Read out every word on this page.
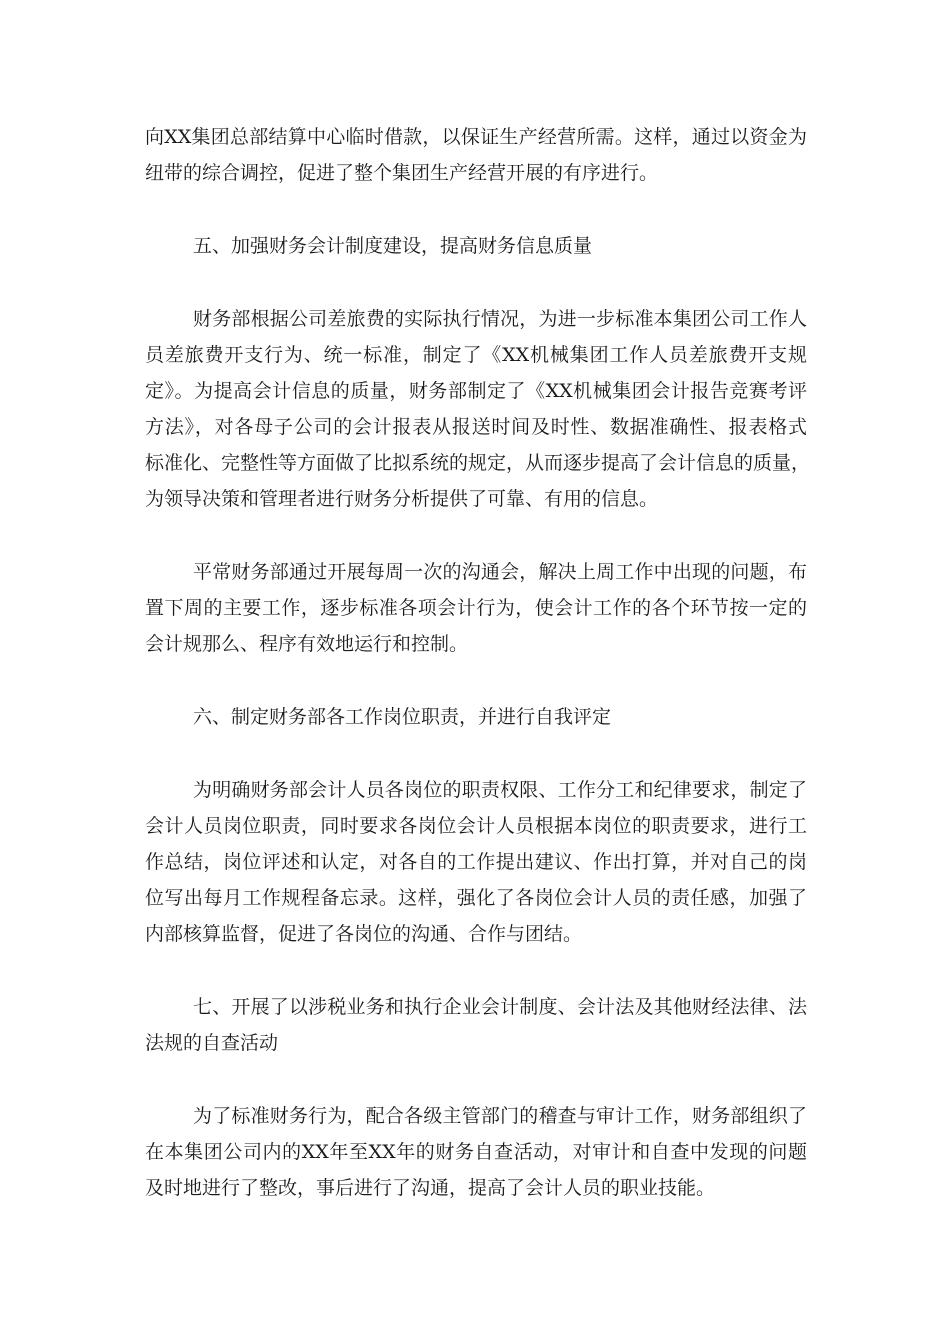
向XX集团总部结算中心临时借款，以保证生产经营所需。这样，通过以资金为
纽带的综合调控，促进了整个集团生产经营开展的有序进行。
五、加强财务会计制度建设，提高财务信息质量
财务部根据公司差旅费的实际执行情况，为进一步标准本集团公司工作人
员差旅费开支行为、统一标准，制定了《XX机械集团工作人员差旅费开支规
定》。为提高会计信息的质量，财务部制定了《XX机械集团会计报告竞赛考评
方法》，对各母子公司的会计报表从报送时间及时性、数据准确性、报表格式
标准化、完整性等方面做了比拟系统的规定，从而逐步提高了会计信息的质量，
为领导决策和管理者进行财务分析提供了可靠、有用的信息。
平常财务部通过开展每周一次的沟通会，解决上周工作中出现的问题，布
置下周的主要工作，逐步标准各项会计行为，使会计工作的各个环节按一定的
会计规那么、程序有效地运行和控制。
六、制定财务部各工作岗位职责，并进行自我评定
为明确财务部会计人员各岗位的职责权限、工作分工和纪律要求，制定了
会计人员岗位职责，同时要求各岗位会计人员根据本岗位的职责要求，进行工
作总结，岗位评述和认定，对各自的工作提出建议、作出打算，并对自己的岗
位写出每月工作规程备忘录。这样，强化了各岗位会计人员的责任感，加强了
内部核算监督，促进了各岗位的沟通、合作与团结。
七、开展了以涉税业务和执行企业会计制度、会计法及其他财经法律、法
法规的自查活动
为了标准财务行为，配合各级主管部门的稽查与审计工作，财务部组织了
在本集团公司内的XX年至XX年的财务自查活动，对审计和自查中发现的问题
及时地进行了整改，事后进行了沟通，提高了会计人员的职业技能。
